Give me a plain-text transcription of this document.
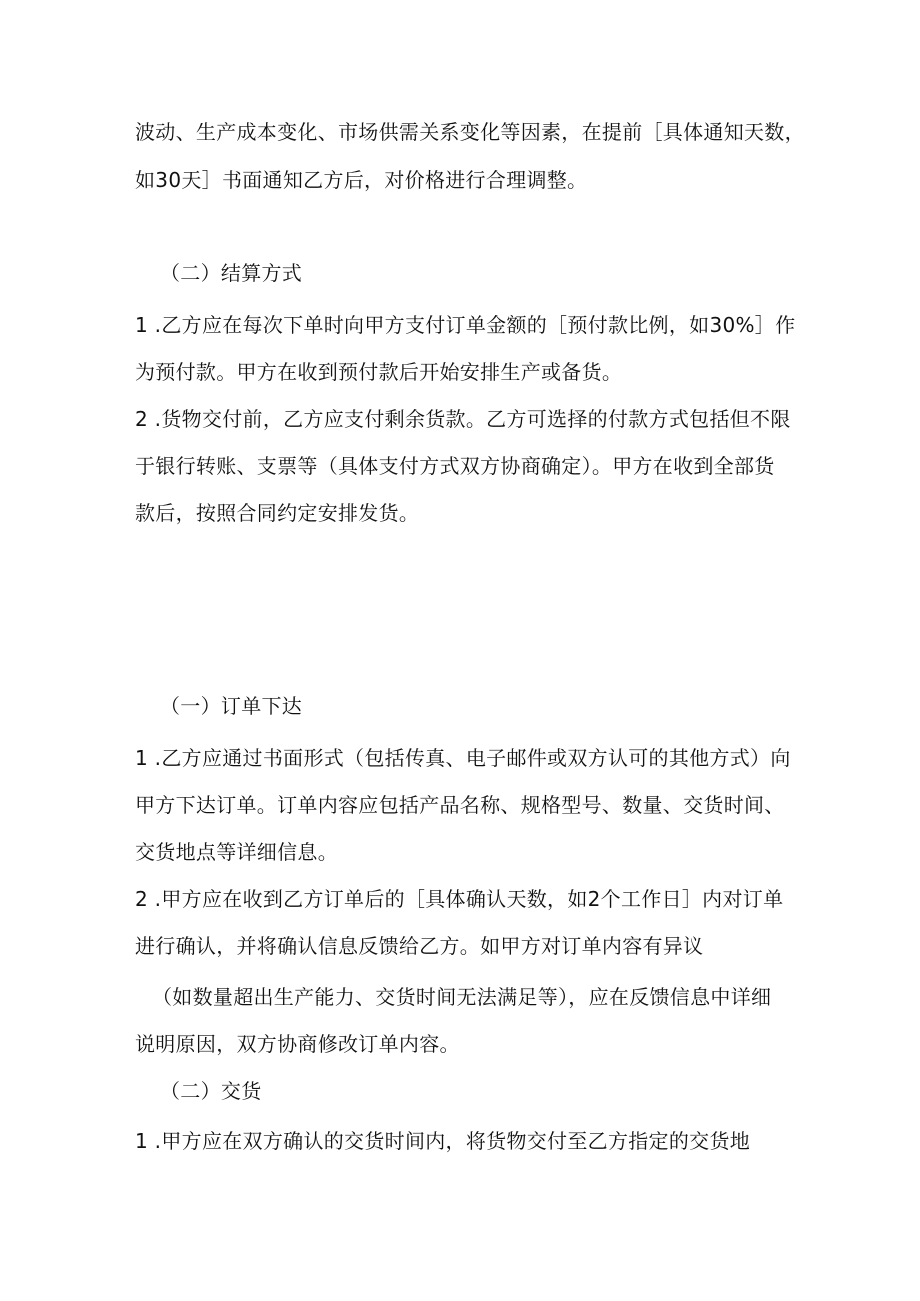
波动、生产成本变化、市场供需关系变化等因素，在提前［具体通知天数，
如30天］书面通知乙方后，对价格进行合理调整。
（二）结算方式
1 .乙方应在每次下单时向甲方支付订单金额的［预付款比例，如30%］作
为预付款。甲方在收到预付款后开始安排生产或备货。
2 .货物交付前，乙方应支付剩余货款。乙方可选择的付款方式包括但不限
于银行转账、支票等（具体支付方式双方协商确定）。甲方在收到全部货
款后，按照合同约定安排发货。
（一）订单下达
1 .乙方应通过书面形式（包括传真、电子邮件或双方认可的其他方式）向
甲方下达订单。订单内容应包括产品名称、规格型号、数量、交货时间、
交货地点等详细信息。
2 .甲方应在收到乙方订单后的［具体确认天数，如2个工作日］内对订单
进行确认，并将确认信息反馈给乙方。如甲方对订单内容有异议
（如数量超出生产能力、交货时间无法满足等），应在反馈信息中详细
说明原因，双方协商修改订单内容。
（二）交货
1 .甲方应在双方确认的交货时间内，将货物交付至乙方指定的交货地
